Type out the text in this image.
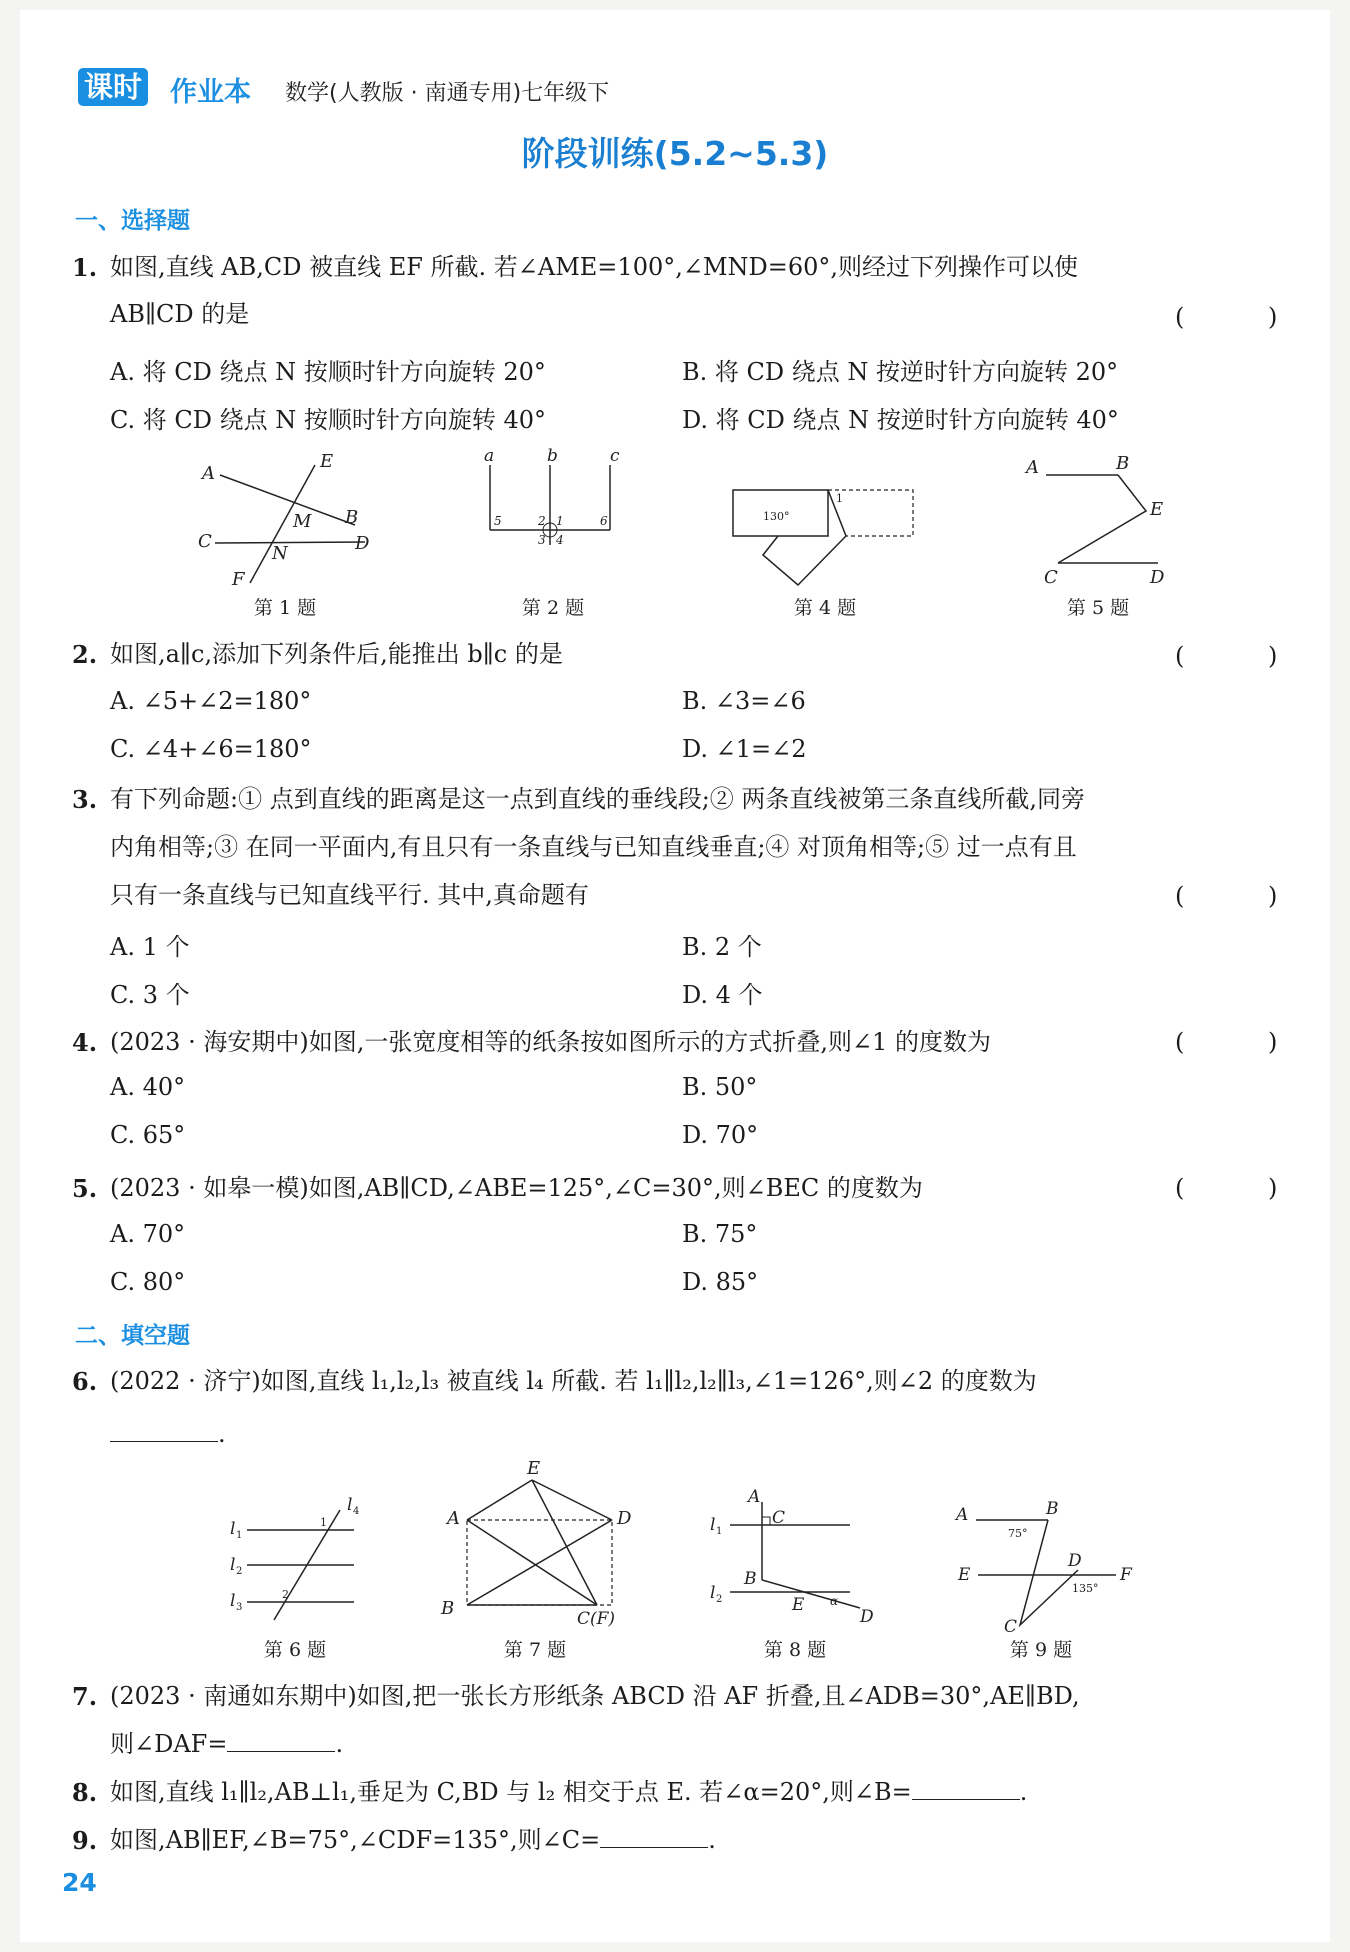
课时 作业本 数学(人教版 · 南通专用)七年级下
阶段训练(5.2~5.3)
一、选择题
1. 如图,直线 AB,CD 被直线 EF 所截. 若∠AME=100°,∠MND=60°,则经过下列操作可以使
AB∥CD 的是	( )
A. 将 CD 绕点 N 按顺时针方向旋转 20°	B. 将 CD 绕点 N 按逆时针方向旋转 20°
C. 将 CD 绕点 N 按顺时针方向旋转 40°	D. 将 CD 绕点 N 按逆时针方向旋转 40°
A
E
B
M
C	D
N
F
第 1 题
a	b	c
5	2 1	6
3 4
第 2 题
130°
1
第 4 题
A	B
E
C	D
第 5 题
2. 如图,a∥c,添加下列条件后,能推出 b∥c 的是	( )
A. ∠5+∠2=180°	B. ∠3=∠6
C. ∠4+∠6=180°	D. ∠1=∠2
3. 有下列命题:① 点到直线的距离是这一点到直线的垂线段;② 两条直线被第三条直线所截,同旁
内角相等;③ 在同一平面内,有且只有一条直线与已知直线垂直;④ 对顶角相等;⑤ 过一点有且
只有一条直线与已知直线平行. 其中,真命题有	( )
A. 1 个	B. 2 个
C. 3 个	D. 4 个
4. (2023 · 海安期中)如图,一张宽度相等的纸条按如图所示的方式折叠,则∠1 的度数为	( )
A. 40°	B. 50°
C. 65°	D. 70°
5. (2023 · 如皋一模)如图,AB∥CD,∠ABE=125°,∠C=30°,则∠BEC 的度数为	( )
A. 70°	B. 75°
C. 80°	D. 85°
二、填空题
6. (2022 · 济宁)如图,直线 l₁,l₂,l₃ 被直线 l₄ 所截. 若 l₁∥l₂,l₂∥l₃,∠1=126°,则∠2 的度数为
.
l 1
l 2
l 3
l 4
1
2
第 6 题
A
E
D
B	C(F)
第 7 题
A
C
l 1
B
l 2	E α
D
第 8 题
A	B
75°
E
D
F
135°
C
第 9 题
7. (2023 · 南通如东期中)如图,把一张长方形纸条 ABCD 沿 AF 折叠,且∠ADB=30°,AE∥BD,
则∠DAF=	.
8. 如图,直线 l₁∥l₂,AB⊥l₁,垂足为 C,BD 与 l₂ 相交于点 E. 若∠α=20°,则∠B=	.
9. 如图,AB∥EF,∠B=75°,∠CDF=135°,则∠C=	.
24
